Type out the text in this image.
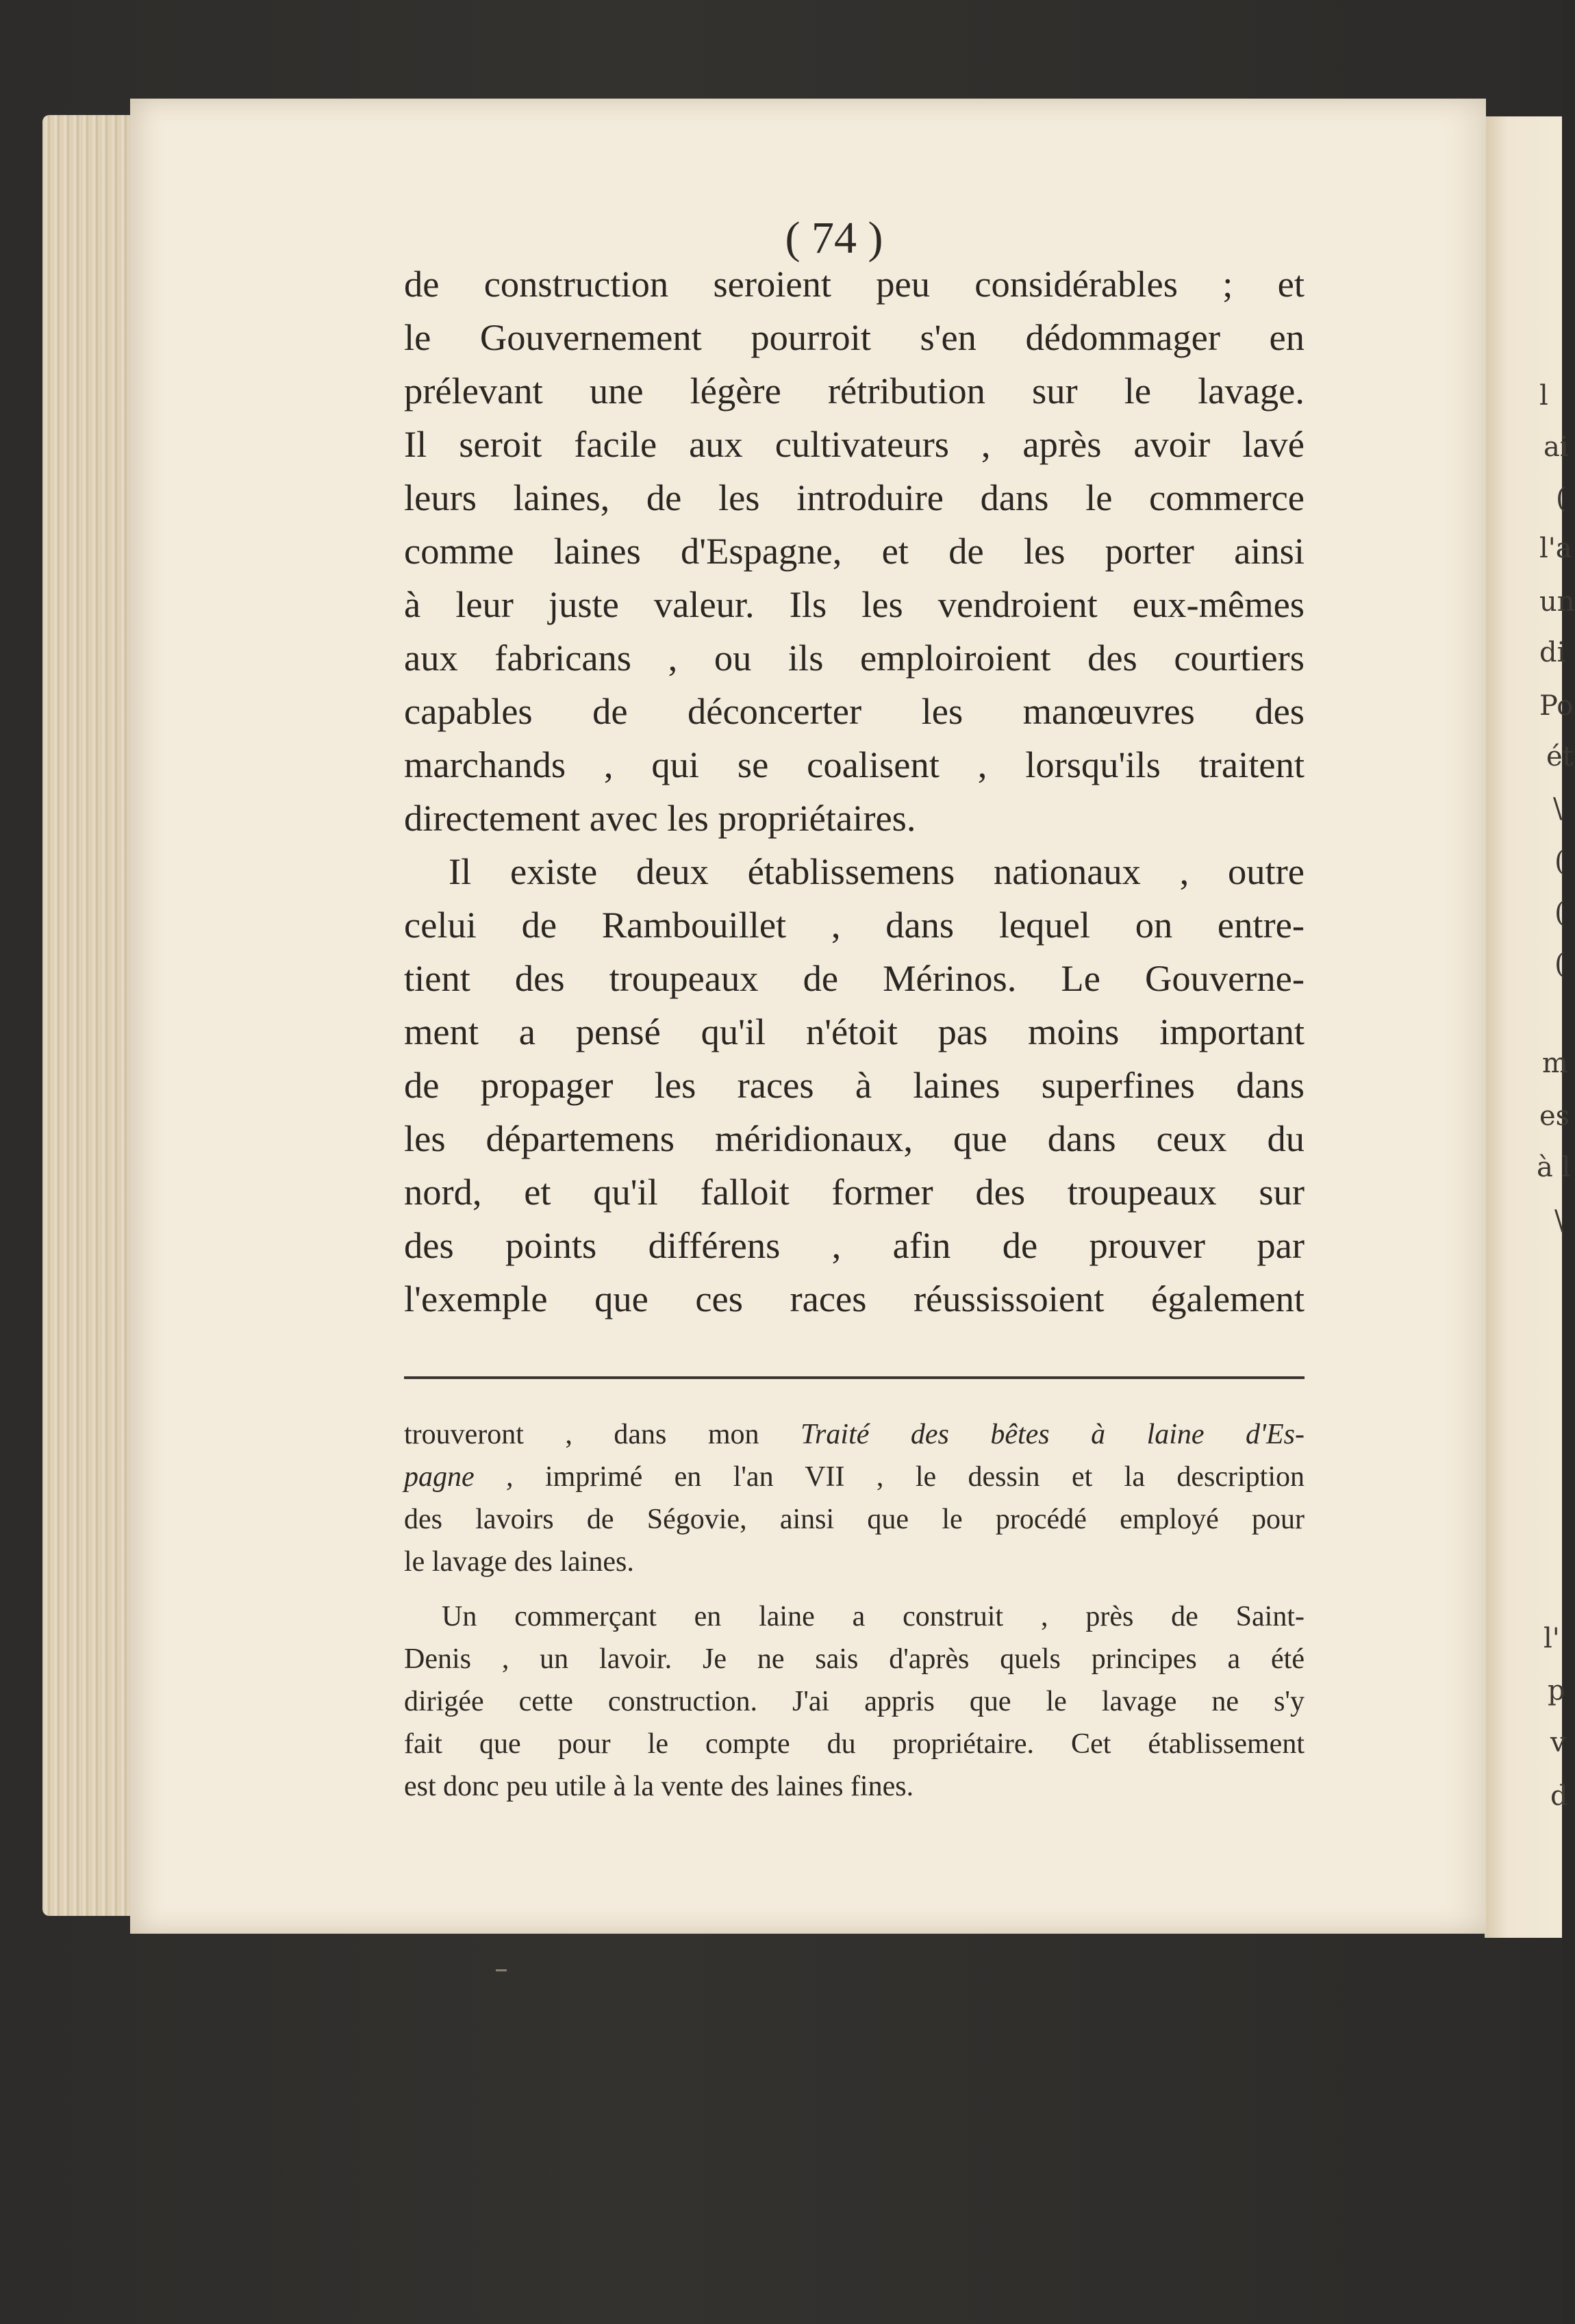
l
ai
(
l'a
un
di
Po
ét
\
(
(
(
m
es
à l
\
l'
p
v
d
( 74 )
de construction seroient peu considérables ; et
le Gouvernement pourroit s'en dédommager en
prélevant une légère rétribution sur le lavage.
Il seroit facile aux cultivateurs , après avoir lavé
leurs laines, de les introduire dans le commerce
comme laines d'Espagne, et de les porter ainsi
à leur juste valeur. Ils les vendroient eux-mêmes
aux fabricans , ou ils emploiroient des courtiers
capables de déconcerter les manœuvres des
marchands , qui se coalisent , lorsqu'ils traitent
directement avec les propriétaires.
Il existe deux établissemens nationaux , outre
celui de Rambouillet , dans lequel on entre-
tient des troupeaux de Mérinos. Le Gouverne-
ment a pensé qu'il n'étoit pas moins important
de propager les races à laines superfines dans
les départemens méridionaux, que dans ceux du
nord, et qu'il falloit former des troupeaux sur
des points différens , afin de prouver par
l'exemple que ces races réussissoient également
trouveront , dans mon Traité des bêtes à laine d'Es-
pagne , imprimé en l'an VII , le dessin et la description
des lavoirs de Ségovie, ainsi que le procédé employé pour
le lavage des laines.
Un commerçant en laine a construit , près de Saint-
Denis , un lavoir. Je ne sais d'après quels principes a été
dirigée cette construction. J'ai appris que le lavage ne s'y
fait que pour le compte du propriétaire. Cet établissement
est donc peu utile à la vente des laines fines.
